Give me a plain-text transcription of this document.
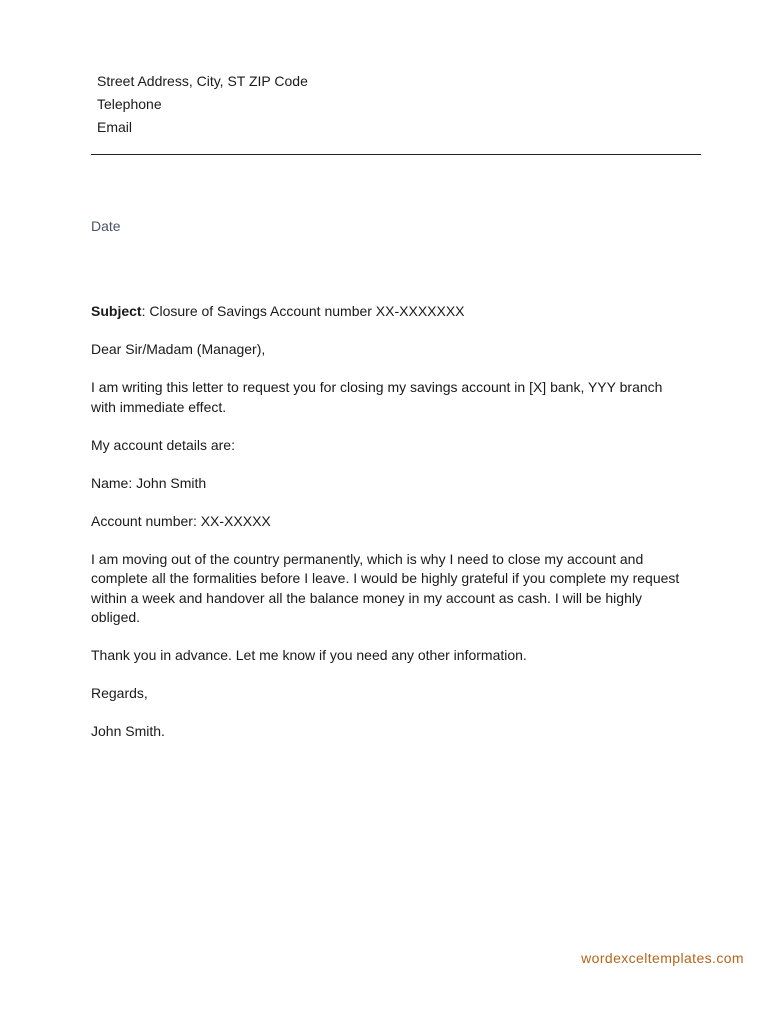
Street Address, City, ST ZIP Code
Telephone
Email
Date

Subject: Closure of Savings Account number XX-XXXXXXX

Dear Sir/Madam (Manager),

I am writing this letter to request you for closing my savings account in [X] bank, YYY branch with immediate effect.

My account details are:

Name: John Smith

Account number: XX-XXXXX

I am moving out of the country permanently, which is why I need to close my account and complete all the formalities before I leave. I would be highly grateful if you complete my request within a week and handover all the balance money in my account as cash. I will be highly obliged.

Thank you in advance. Let me know if you need any other information.

Regards,

John Smith.

wordexceltemplates.com
